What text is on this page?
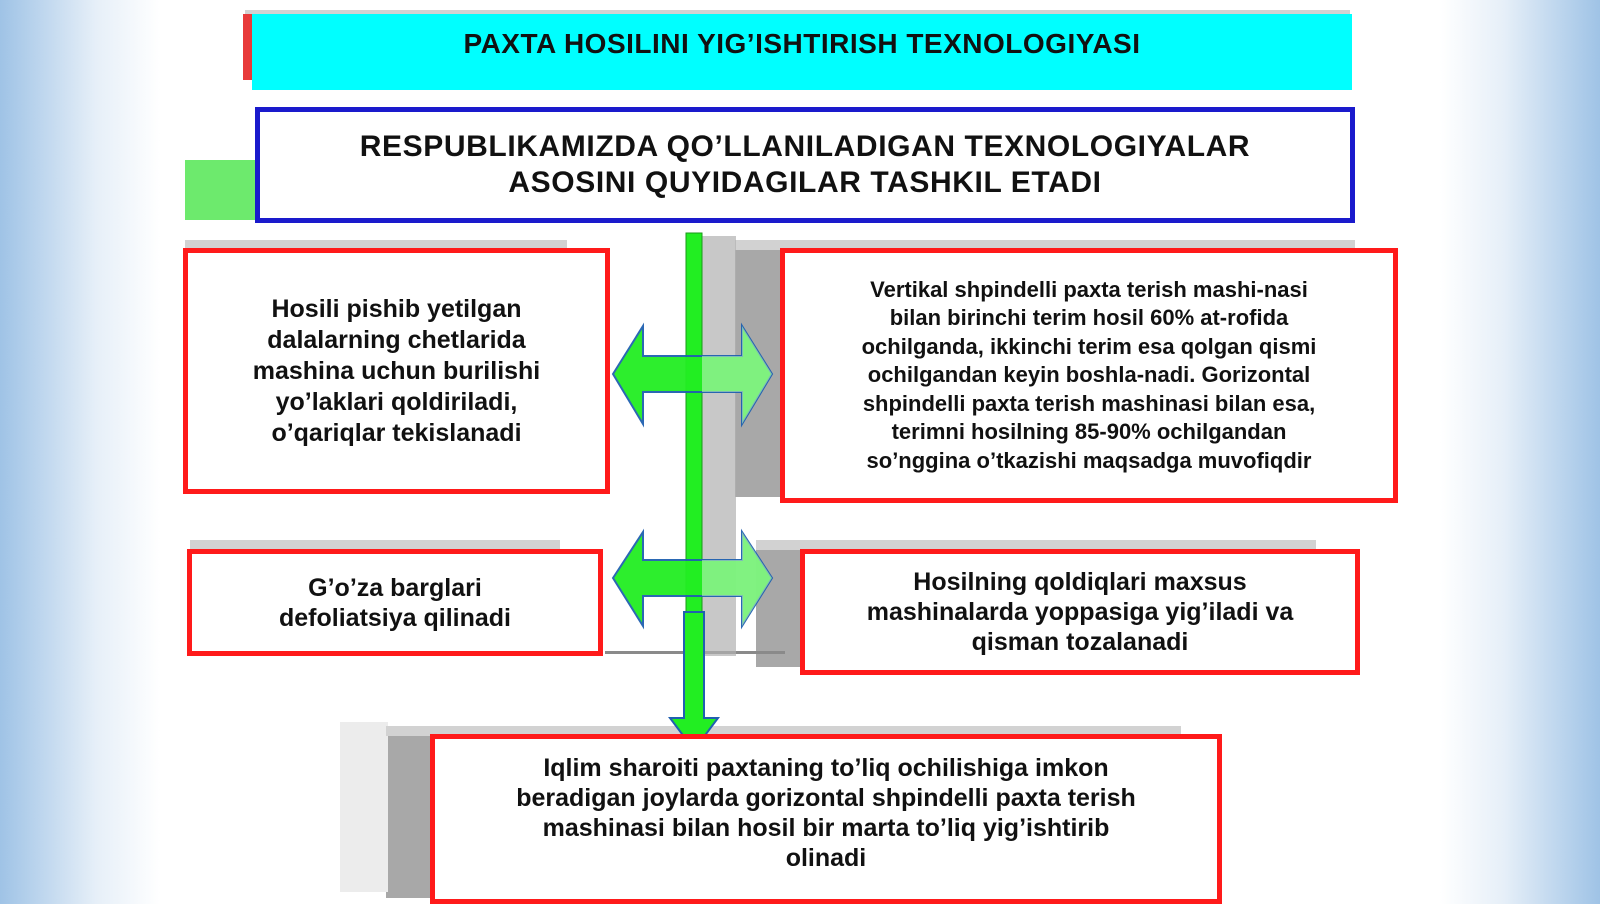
PAXTA HOSILINI YIG’ISHTIRISH TEXNOLOGIYASI
RESPUBLIKAMIZDA QO’LLANILADIGAN TEXNOLOGIYALAR
ASOSINI QUYIDAGILAR TASHKIL ETADI
Hosili pishib yetilgan
dalalarning chetlarida
mashina uchun burilishi
yo’laklari qoldiriladi,
o’qariqlar tekislanadi
Vertikal shpindelli paxta terish mashi-nasi
bilan birinchi terim hosil 60% at-rofida
ochilganda, ikkinchi terim esa qolgan qismi
ochilgandan keyin boshla-nadi. Gorizontal
shpindelli paxta terish mashinasi bilan esa,
terimni hosilning 85-90% ochilgandan
so’nggina o’tkazishi maqsadga muvofiqdir
G’o’za barglari
defoliatsiya qilinadi
Hosilning qoldiqlari maxsus
mashinalarda yoppasiga yig’iladi va
qisman tozalanadi
Iqlim sharoiti paxtaning to’liq ochilishiga imkon
beradigan joylarda gorizontal shpindelli paxta terish
mashinasi bilan hosil bir marta to’liq yig’ishtirib
olinadi
